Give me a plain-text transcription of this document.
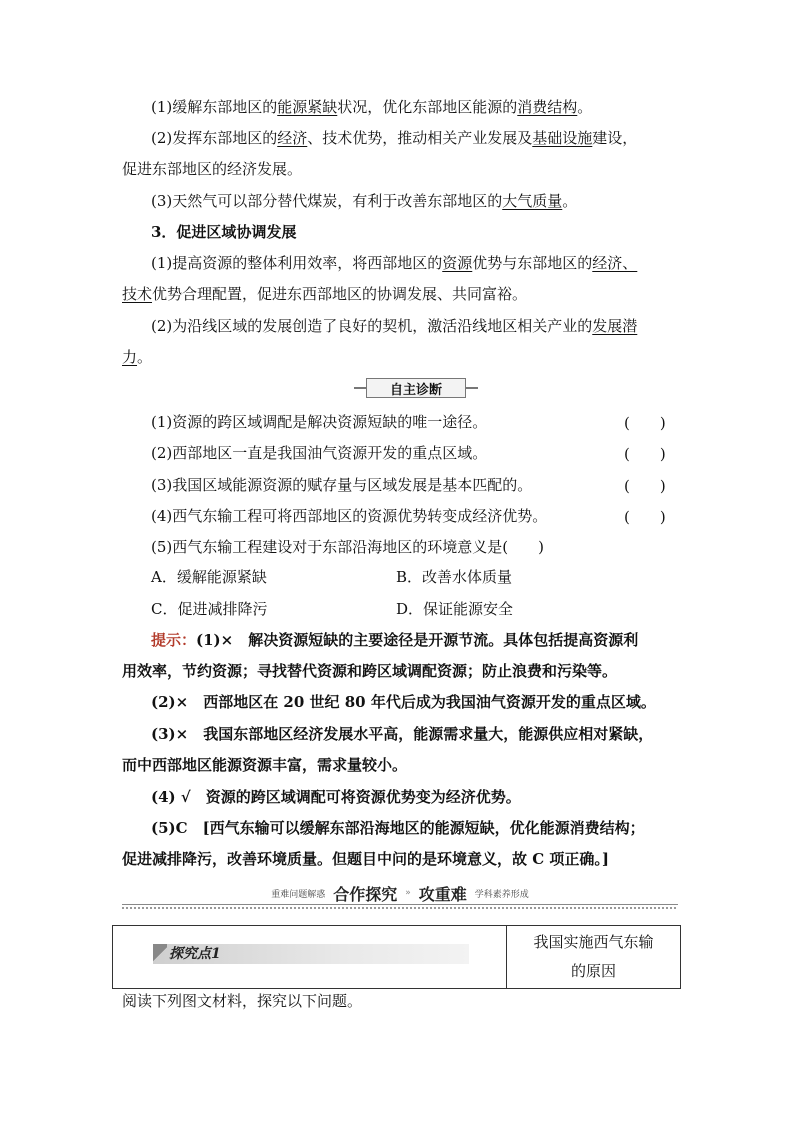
(1)缓解东部地区的能源紧缺状况，优化东部地区能源的消费结构。
(2)发挥东部地区的经济、技术优势，推动相关产业发展及基础设施建设，
促进东部地区的经济发展。
(3)天然气可以部分替代煤炭，有利于改善东部地区的大气质量。
3．促进区域协调发展
(1)提高资源的整体利用效率，将西部地区的资源优势与东部地区的经济、
技术优势合理配置，促进东西部地区的协调发展、共同富裕。
(2)为沿线区域的发展创造了良好的契机，激活沿线地区相关产业的发展潜
力。
自主诊断
(1)资源的跨区域调配是解决资源短缺的唯一途径。	(　　)
(2)西部地区一直是我国油气资源开发的重点区域。	(　　)
(3)我国区域能源资源的赋存量与区域发展是基本匹配的。	(　　)
(4)西气东输工程可将西部地区的资源优势转变成经济优势。	(　　)
(5)西气东输工程建设对于东部沿海地区的环境意义是(　　)
A．缓解能源紧缺	B．改善水体质量
C．促进减排降污	D．保证能源安全
提示：(1)×　解决资源短缺的主要途径是开源节流。具体包括提高资源利
用效率，节约资源；寻找替代资源和跨区域调配资源；防止浪费和污染等。
(2)×　西部地区在 20 世纪 80 年代后成为我国油气资源开发的重点区域。
(3)×　我国东部地区经济发展水平高，能源需求量大，能源供应相对紧缺，
而中西部地区能源资源丰富，需求量较小。
(4) √　资源的跨区域调配可将资源优势变为经济优势。
(5)C　[西气东输可以缓解东部沿海地区的能源短缺，优化能源消费结构；
促进减排降污，改善环境质量。但题目中问的是环境意义，故 C 项正确。]
重难问题解惑 合作探究 » 攻重难 学科素养形成
探究点1
我国实施西气东输
的原因
阅读下列图文材料，探究以下问题。
